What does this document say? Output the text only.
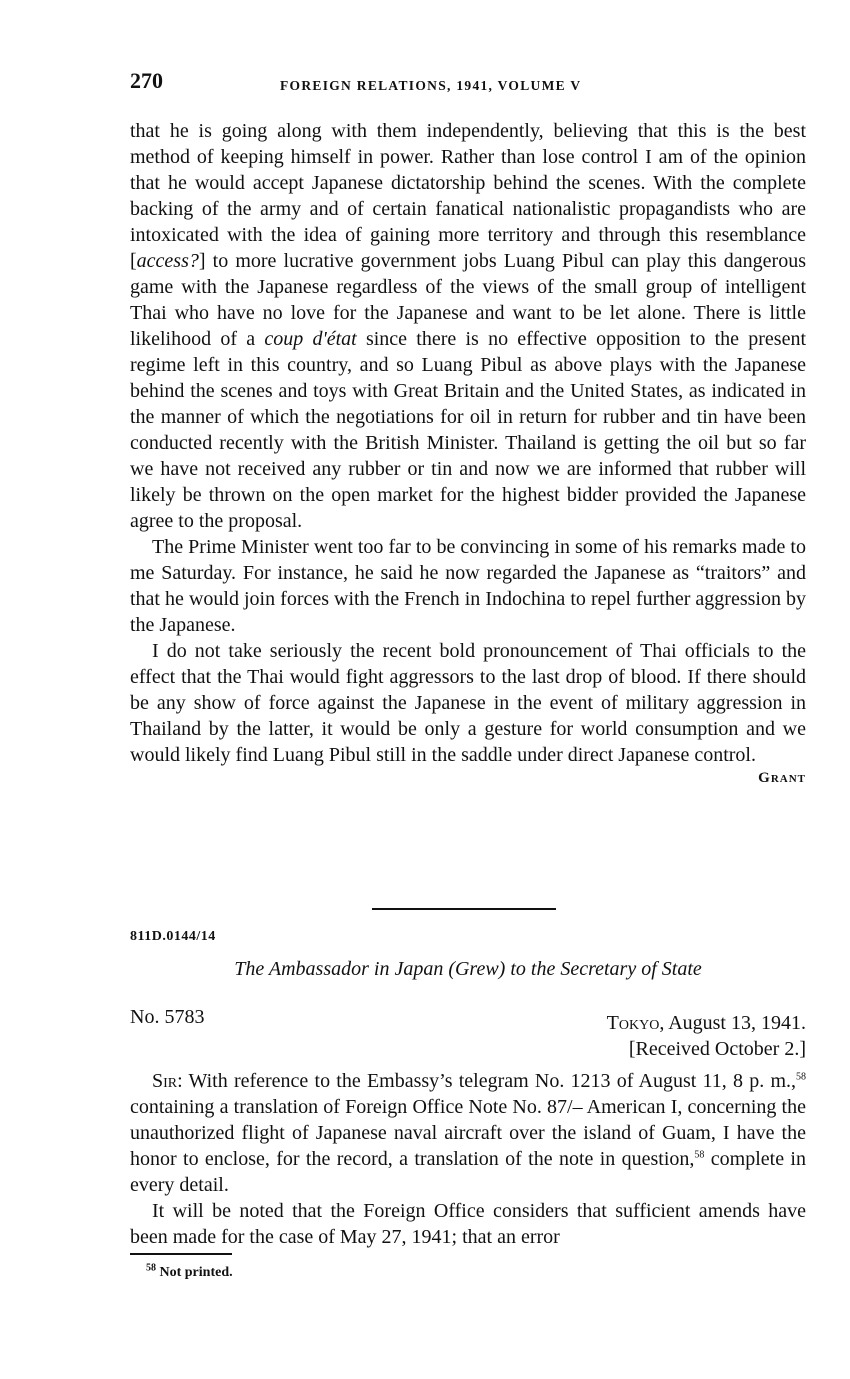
270	FOREIGN RELATIONS, 1941, VOLUME V

that he is going along with them independently, believing that this is the best method of keeping himself in power. Rather than lose control I am of the opinion that he would accept Japanese dictatorship behind the scenes. With the complete backing of the army and of certain fanatical nationalistic propagandists who are intoxicated with the idea of gaining more territory and through this resemblance [access?] to more lucrative government jobs Luang Pibul can play this dangerous game with the Japanese regardless of the views of the small group of intelligent Thai who have no love for the Japanese and want to be let alone. There is little likelihood of a coup d'état since there is no effective opposition to the present regime left in this country, and so Luang Pibul as above plays with the Japanese behind the scenes and toys with Great Britain and the United States, as indicated in the manner of which the negotiations for oil in return for rubber and tin have been conducted recently with the British Minister. Thailand is getting the oil but so far we have not received any rubber or tin and now we are informed that rubber will likely be thrown on the open market for the highest bidder provided the Japanese agree to the proposal.

The Prime Minister went too far to be convincing in some of his remarks made to me Saturday. For instance, he said he now regarded the Japanese as “traitors” and that he would join forces with the French in Indochina to repel further aggression by the Japanese.

I do not take seriously the recent bold pronouncement of Thai officials to the effect that the Thai would fight aggressors to the last drop of blood. If there should be any show of force against the Japanese in the event of military aggression in Thailand by the latter, it would be only a gesture for world consumption and we would likely find Luang Pibul still in the saddle under direct Japanese control.

Grant

811D.0144/14
The Ambassador in Japan (Grew) to the Secretary of State
No. 5783	Tokyo, August 13, 1941.
[Received October 2.]

Sir: With reference to the Embassy’s telegram No. 1213 of August 11, 8 p. m.,$^{58}$ containing a translation of Foreign Office Note No. 87/– American I, concerning the unauthorized flight of Japanese naval aircraft over the island of Guam, I have the honor to enclose, for the record, a translation of the note in question,$^{58}$ complete in every detail.

It will be noted that the Foreign Office considers that sufficient amends have been made for the case of May 27, 1941; that an error

$^{58}$ Not printed.
